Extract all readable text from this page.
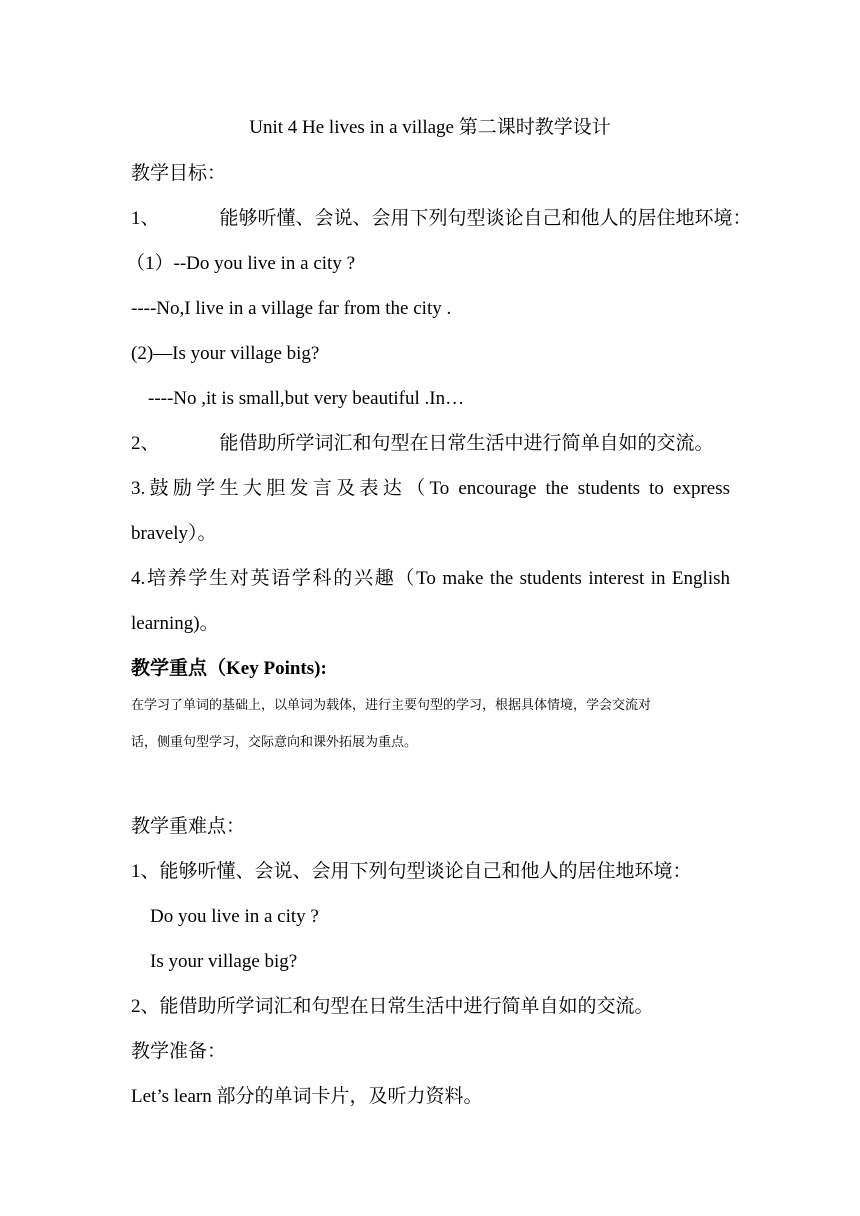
Unit 4 He lives in a village 第二课时教学设计
教学目标：
1、	能够听懂、会说、会用下列句型谈论自己和他人的居住地环境：
（1）--Do you live in a city ?
----No,I live in a village far from the city .
(2)—Is your village big?
----No ,it is small,but very beautiful .In…
2、	能借助所学词汇和句型在日常生活中进行简单自如的交流。
3.鼓励学生大胆发言及表达（To encourage the students to express
bravely）。
4.培养学生对英语学科的兴趣（To make the students interest in English
learning)。
教学重点（Key Points):
在学习了单词的基础上，以单词为载体，进行主要句型的学习，根据具体情境，学会交流对
话，侧重句型学习，交际意向和课外拓展为重点。
教学重难点：
1、能够听懂、会说、会用下列句型谈论自己和他人的居住地环境：
Do you live in a city ?
Is your village big?
2、能借助所学词汇和句型在日常生活中进行简单自如的交流。
教学准备：
Let’s learn 部分的单词卡片，及听力资料。
